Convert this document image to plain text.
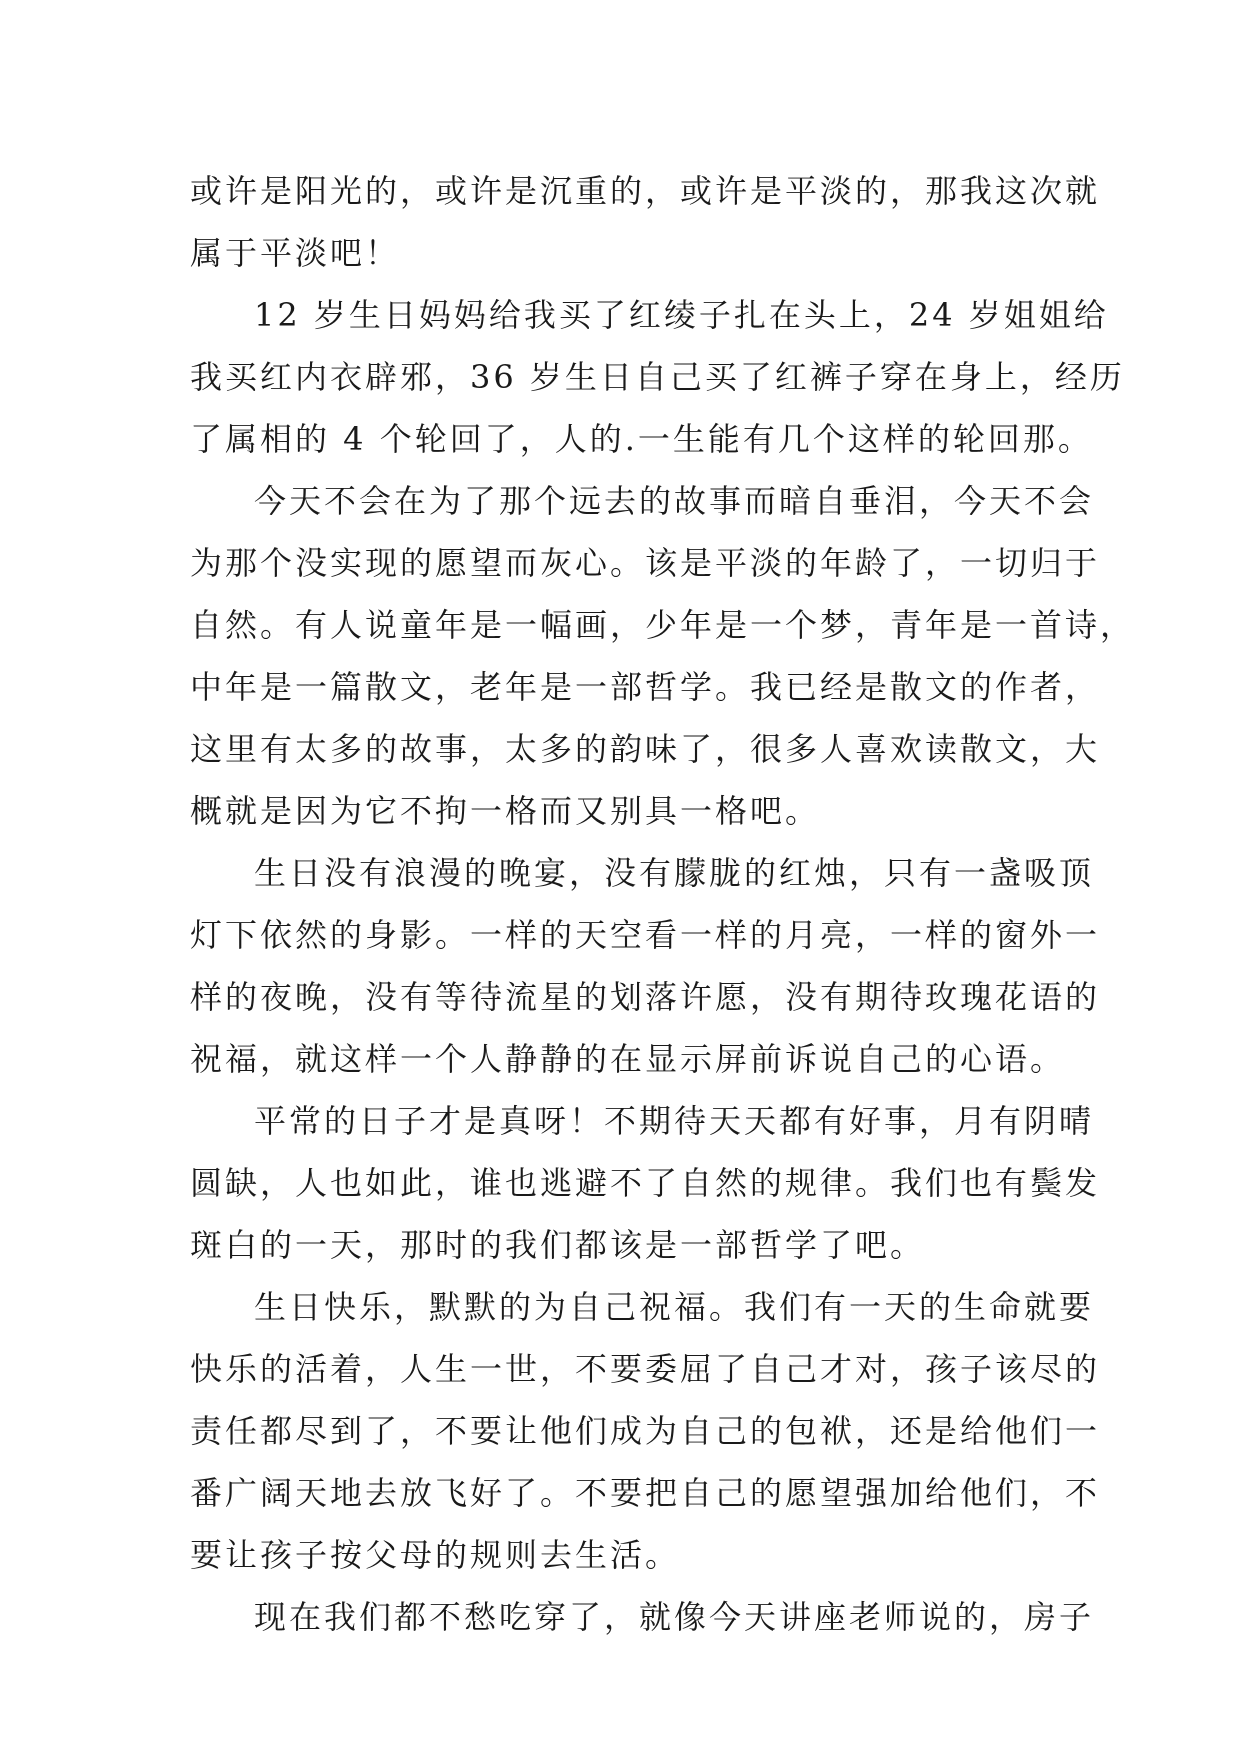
或许是阳光的，或许是沉重的，或许是平淡的，那我这次就
属于平淡吧！
12 岁生日妈妈给我买了红绫子扎在头上，24 岁姐姐给
我买红内衣辟邪，36 岁生日自己买了红裤子穿在身上，经历
了属相的 4 个轮回了，人的.一生能有几个这样的轮回那。
今天不会在为了那个远去的故事而暗自垂泪，今天不会
为那个没实现的愿望而灰心。该是平淡的年龄了，一切归于
自然。有人说童年是一幅画，少年是一个梦，青年是一首诗，
中年是一篇散文，老年是一部哲学。我已经是散文的作者，
这里有太多的故事，太多的韵味了，很多人喜欢读散文，大
概就是因为它不拘一格而又别具一格吧。
生日没有浪漫的晚宴，没有朦胧的红烛，只有一盏吸顶
灯下依然的身影。一样的天空看一样的月亮，一样的窗外一
样的夜晚，没有等待流星的划落许愿，没有期待玫瑰花语的
祝福，就这样一个人静静的在显示屏前诉说自己的心语。
平常的日子才是真呀！不期待天天都有好事，月有阴晴
圆缺，人也如此，谁也逃避不了自然的规律。我们也有鬓发
斑白的一天，那时的我们都该是一部哲学了吧。
生日快乐，默默的为自己祝福。我们有一天的生命就要
快乐的活着，人生一世，不要委屈了自己才对，孩子该尽的
责任都尽到了，不要让他们成为自己的包袱，还是给他们一
番广阔天地去放飞好了。不要把自己的愿望强加给他们，不
要让孩子按父母的规则去生活。
现在我们都不愁吃穿了，就像今天讲座老师说的，房子
